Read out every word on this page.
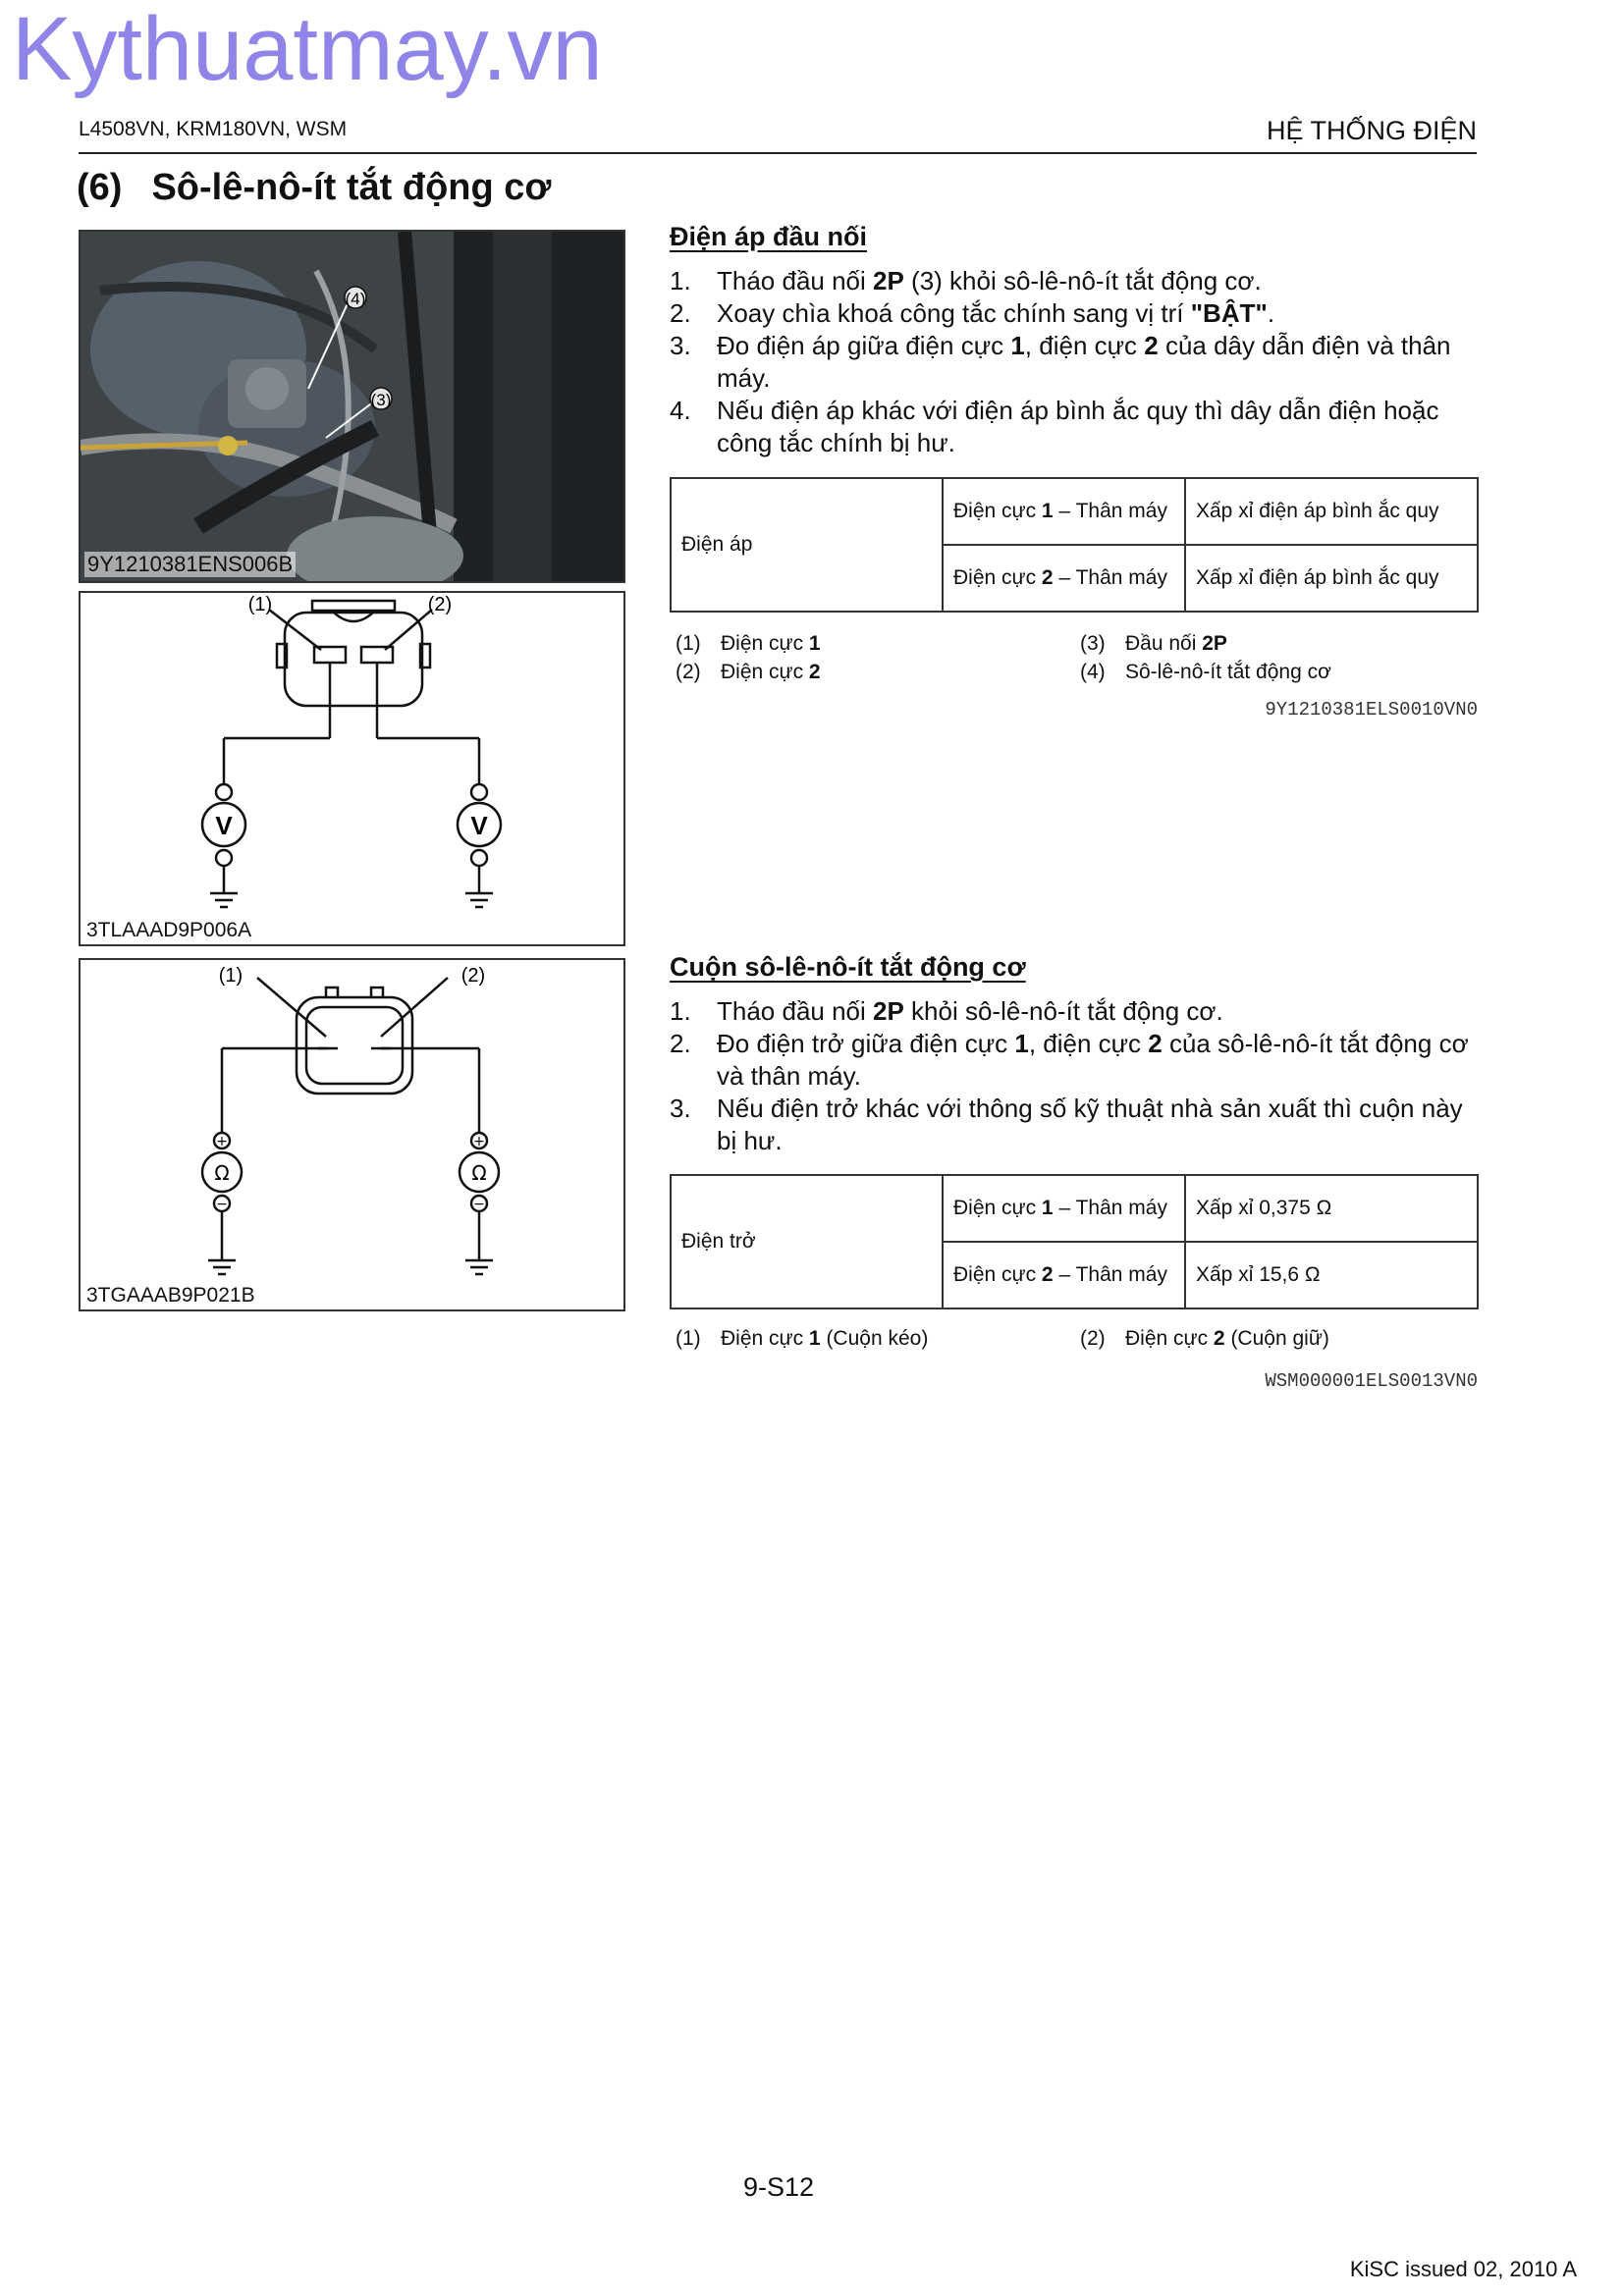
Kythuatmay.vn
L4508VN, KRM180VN, WSM	HỆ THỐNG ĐIỆN
(6) Sô-lê-nô-ít tắt động cơ
(4)
(3)
9Y1210381ENS006B
V	V
(1)	(2)
3TLAAAD9P006A
+
−
+
−
Ω	Ω
(1)	(2)
3TGAAAB9P021B
Điện áp đầu nối
1. Tháo đầu nối 2P (3) khỏi sô-lê-nô-ít tắt động cơ.
2. Xoay chìa khoá công tắc chính sang vị trí "BẬT".
3. Đo điện áp giữa điện cực 1, điện cực 2 của dây dẫn điện và thân máy.
4. Nếu điện áp khác với điện áp bình ắc quy thì dây dẫn điện hoặc công tắc chính bị hư.
Điện áp	Điện cực 1 – Thân máy	Xấp xỉ điện áp bình ắc quy
	Điện cực 2 – Thân máy	Xấp xỉ điện áp bình ắc quy
(1) Điện cực 1
(2) Điện cực 2
(3) Đầu nối 2P
(4) Sô-lê-nô-ít tắt động cơ
9Y1210381ELS0010VN0
Cuộn sô-lê-nô-ít tắt động cơ
1. Tháo đầu nối 2P khỏi sô-lê-nô-ít tắt động cơ.
2. Đo điện trở giữa điện cực 1, điện cực 2 của sô-lê-nô-ít tắt động cơ và thân máy.
3. Nếu điện trở khác với thông số kỹ thuật nhà sản xuất thì cuộn này bị hư.
Điện trở	Điện cực 1 – Thân máy	Xấp xỉ 0,375 Ω
	Điện cực 2 – Thân máy	Xấp xỉ 15,6 Ω
(1) Điện cực 1 (Cuộn kéo)	(2) Điện cực 2 (Cuộn giữ)
WSM000001ELS0013VN0
9-S12
KiSC issued 02, 2010 A
